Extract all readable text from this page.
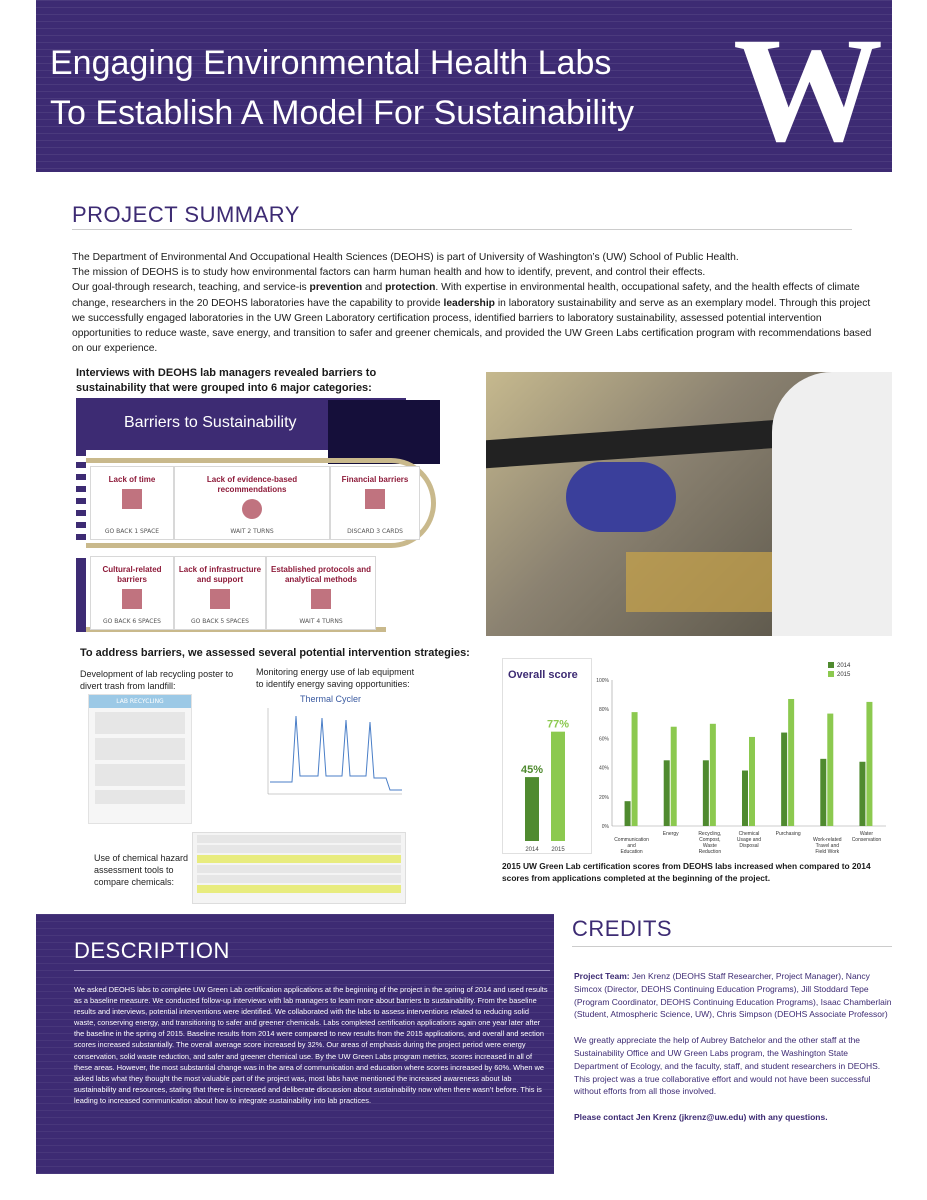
Engaging Environmental Health Labs
To Establish A Model For Sustainability W
PROJECT SUMMARY
The Department of Environmental And Occupational Health Sciences (DEOHS) is part of University of Washington’s (UW) School of Public Health.
The mission of DEOHS is to study how environmental factors can harm human health and how to identify, prevent, and control their effects.
Our goal-through research, teaching, and service-is prevention and protection. With expertise in environmental health, occupational safety, and the health effects of climate change, researchers in the 20 DEOHS laboratories have the capability to provide leadership in laboratory sustainability and serve as an exemplary model. Through this project we successfully engaged laboratories in the UW Green Laboratory certification process, identified barriers to laboratory sustainability, assessed potential intervention opportunities to reduce waste, save energy, and transition to safer and greener chemicals, and provided the UW Green Labs certification program with recommendations based on our experience.
Interviews with DEOHS lab managers revealed barriers to sustainability that were grouped into 6 major categories:
Barriers to Sustainability
Lack of time
GO BACK 1 SPACE
Lack of evidence-based recommendations
WAIT 2 TURNS
Financial barriers
DISCARD 3 CARDS
Cultural-related barriers
GO BACK 6 SPACES
Lack of infrastructure and support
GO BACK 5 SPACES
Established protocols and analytical methods
WAIT 4 TURNS
To address barriers, we assessed several potential intervention strategies:
Development of lab recycling poster to divert trash from landfill:
LAB RECYCLING
Monitoring energy use of lab equipment to identify energy saving opportunities:
Thermal Cycler
Use of chemical hazard assessment tools to compare chemicals:
Overall score
45%
2014
77%
2015
0%
20%
40%
60%
80%
100%
Communication
and
Education
Energy	Recycling,
Compost,
Waste
Reduction
Chemical
Usage and
Disposal
Purchasing
Work-related
Travel and
Field Work
Water
Conservation
2014
2015
2015 UW Green Lab certification scores from DEOHS labs increased when compared to 2014 scores from applications completed at the beginning of the project.
DESCRIPTION
We asked DEOHS labs to complete UW Green Lab certification applications at the beginning of the project in the spring of 2014 and used results as a baseline measure. We conducted follow-up interviews with lab managers to learn more about barriers to sustainability. From the baseline results and interviews, potential interventions were identified. We collaborated with the labs to assess interventions related to reducing solid waste, conserving energy, and transitioning to safer and greener chemicals. Labs completed certification applications again one year later after the baseline in the spring of 2015. Baseline results from 2014 were compared to new results from the 2015 applications, and overall and section scores increased substantially. The overall average score increased by 32%. Our areas of emphasis during the project period were energy conservation, solid waste reduction, and safer and greener chemical use. By the UW Green Labs program metrics, scores increased in all of these areas. However, the most substantial change was in the area of communication and education where scores increased by 60%. When we asked labs what they thought the most valuable part of the project was, most labs have mentioned the increased awareness about lab sustainability and resources, stating that there is increased and deliberate discussion about sustainability now when there wasn’t before. This is leading to increased communication about how to integrate sustainability into lab practices.
CREDITS

Project Team: Jen Krenz (DEOHS Staff Researcher, Project Manager), Nancy Simcox (Director, DEOHS Continuing Education Programs), Jill Stoddard Tepe (Program Coordinator, DEOHS Continuing Education Programs), Isaac Chamberlain (Student, Atmospheric Science, UW), Chris Simpson (DEOHS Associate Professor)

We greatly appreciate the help of Aubrey Batchelor and the other staff at the Sustainability Office and UW Green Labs program, the Washington State Department of Ecology, and the faculty, staff, and student researchers in DEOHS. This project was a true collaborative effort and would not have been successful without efforts from all those involved.

Please contact Jen Krenz (jkrenz@uw.edu) with any questions.
